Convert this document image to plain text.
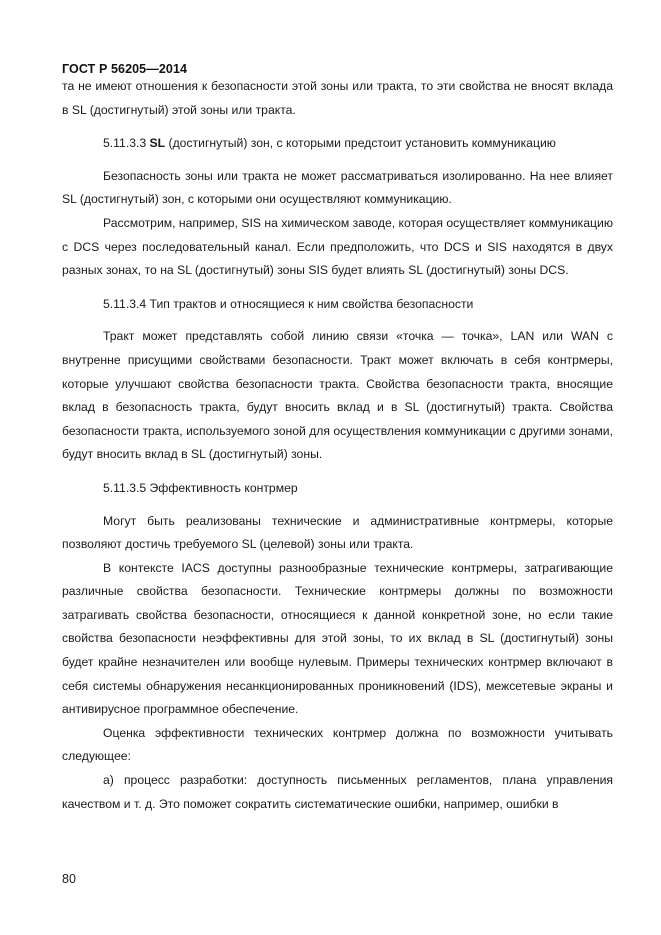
ГОСТ Р 56205—2014

та не имеют отношения к безопасности этой зоны или тракта, то эти свойства не вносят вклада в SL (достигнутый) этой зоны или тракта.

5.11.3.3 SL (достигнутый) зон, с которыми предстоит установить коммуникацию

Безопасность зоны или тракта не может рассматриваться изолированно. На нее влияет SL (достигнутый) зон, с которыми они осуществляют коммуникацию.

Рассмотрим, например, SIS на химическом заводе, которая осуществляет коммуникацию с DCS через последовательный канал. Если предположить, что DCS и SIS находятся в двух разных зонах, то на SL (достигнутый) зоны SIS будет влиять SL (достигнутый) зоны DCS.

5.11.3.4 Тип трактов и относящиеся к ним свойства безопасности

Тракт может представлять собой линию связи «точка — точка», LAN или WAN с внутренне присущими свойствами безопасности. Тракт может включать в себя контрмеры, которые улучшают свойства безопасности тракта. Свойства безопасности тракта, вносящие вклад в безопасность тракта, будут вносить вклад и в SL (достигнутый) тракта. Свойства безопасности тракта, используемого зоной для осуществления коммуникации с другими зонами, будут вносить вклад в SL (достигнутый) зоны.

5.11.3.5 Эффективность контрмер

Могут быть реализованы технические и административные контрмеры, которые позволяют достичь требуемого SL (целевой) зоны или тракта.

В контексте IACS доступны разнообразные технические контрмеры, затрагивающие различные свойства безопасности. Технические контрмеры должны по возможности затрагивать свойства безопасности, относящиеся к данной конкретной зоне, но если такие свойства безопасности неэффективны для этой зоны, то их вклад в SL (достигнутый) зоны будет крайне незначителен или вообще нулевым. Примеры технических контрмер включают в себя системы обнаружения несанкционированных проникновений (IDS), межсетевые экраны и антивирусное программное обеспечение.

Оценка эффективности технических контрмер должна по возможности учитывать следующее:

а) процесс разработки: доступность письменных регламентов, плана управления качеством и т. д. Это поможет сократить систематические ошибки, например, ошибки в

80
